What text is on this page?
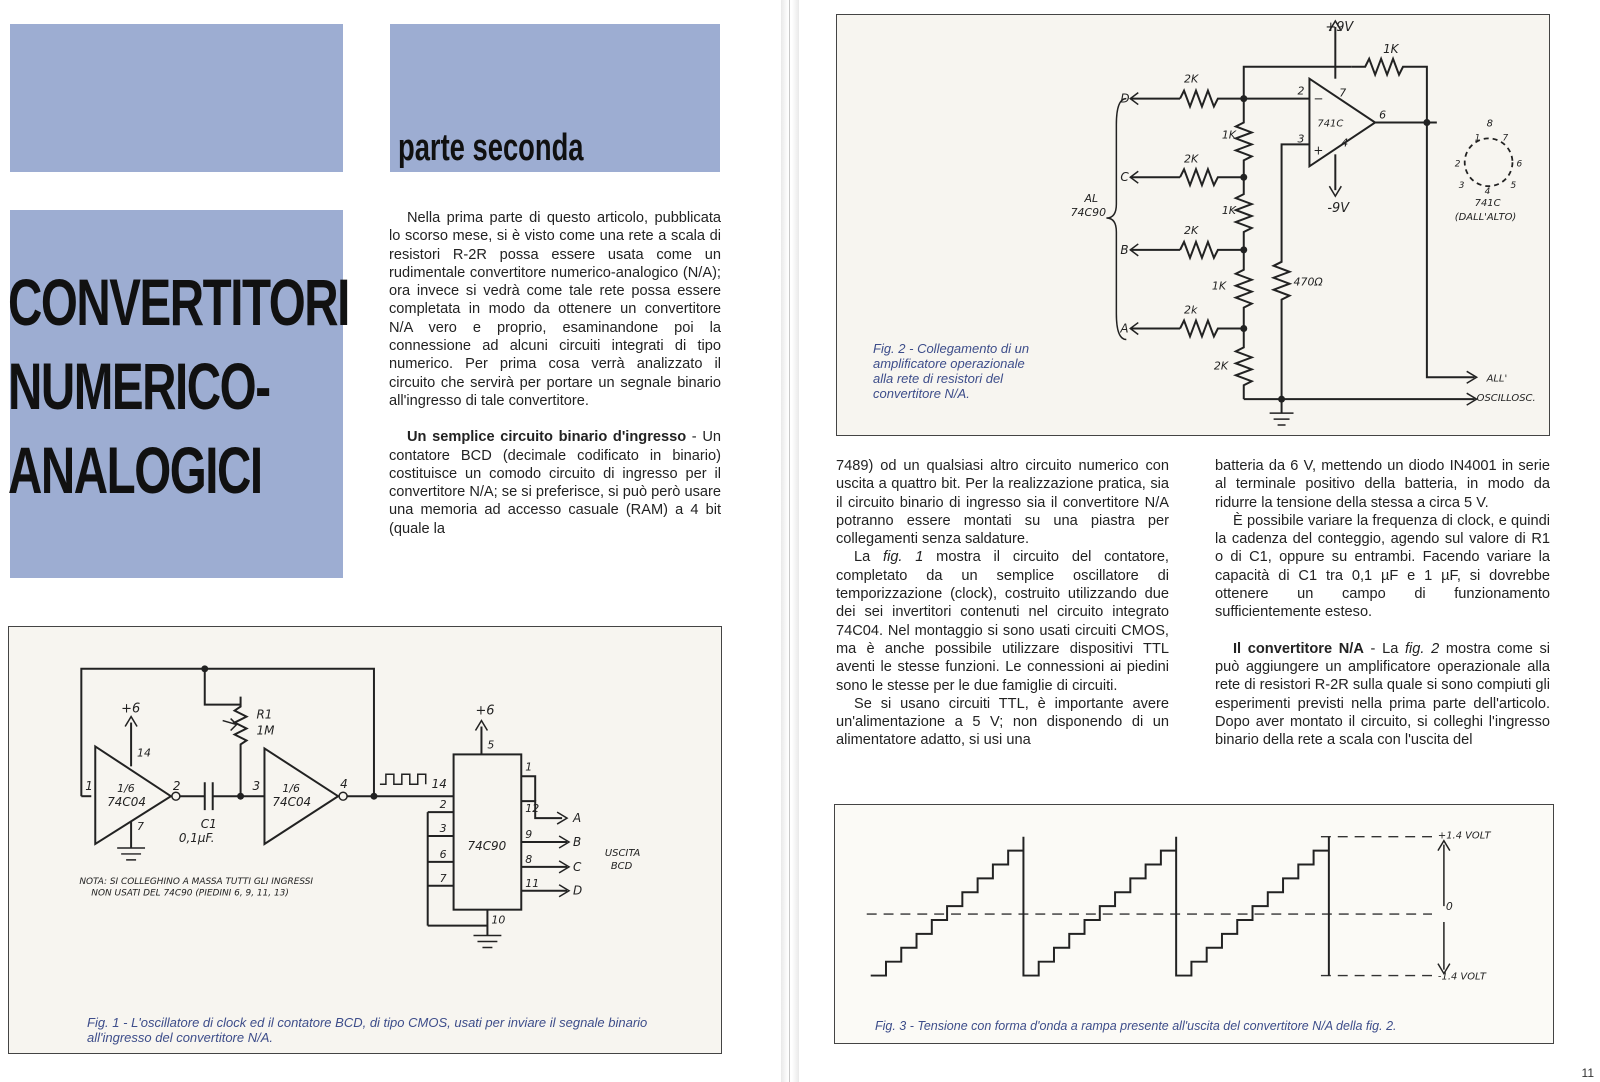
parte seconda
CONVERTITORI
NUMERICO-
ANALOGICI

Nella prima parte di questo articolo, pubblicata lo scorso mese, si è visto come una rete a scala di resistori R-2R possa essere usata come un rudimentale convertitore numerico-analogico (N/A); ora invece si vedrà come tale rete possa essere completata in modo da ottenere un convertitore N/A vero e proprio, esaminandone poi la connessione ad alcuni circuiti integrati di tipo numerico. Per prima cosa verrà analizzato il circuito che servirà per portare un segnale binario all'ingresso di tale convertitore.

Un semplice circuito binario d'ingresso - Un contatore BCD (decimale codificato in binario) costituisce un comodo circuito di ingresso per il convertitore N/A; se si preferisce, si può però usare una memoria ad accesso casuale (RAM) a 4 bit (quale la

+6	+6
1/6
74C04
1/6
74C04
R1
1M
C1
0,1µF.
74C90
1	2	3	4
7
14
14
5
1
12
9
8
11
10
2
3
6
7
A
B
C
D
USCITA
BCD
NOTA: SI COLLEGHINO A MASSA TUTTI GLI INGRESSI
NON USATI DEL 74C90 (PIEDINI 6, 9, 11, 13)
Fig. 1 - L'oscillatore di clock ed il contatore BCD, di tipo CMOS, usati per inviare il segnale binario all'ingresso del convertitore N/A.
+9V
-9V
1K
741C
2
3
7
6
4
−
+
D
C
B
A
2K
2K
2K
2k
2K
1K
1K
1K	470Ω
AL
74C90
741C
(DALL'ALTO)
8
1 7
2	6
3
4
5
ALL'
OSCILLOSC.
Fig. 2 - Collegamento di un amplificatore operazionale alla rete di resistori del convertitore N/A.

7489) od un qualsiasi altro circuito numerico con uscita a quattro bit. Per la realizzazione pratica, sia il circuito binario di ingresso sia il convertitore N/A potranno essere montati su una piastra per collegamenti senza saldature.

La fig. 1 mostra il circuito del contatore, completato da un semplice oscillatore di temporizzazione (clock), costruito utilizzando due dei sei invertitori contenuti nel circuito integrato 74C04. Nel montaggio si sono usati circuiti CMOS, ma è anche possibile utilizzare dispositivi TTL aventi le stesse funzioni. Le connessioni ai piedini sono le stesse per le due famiglie di circuiti.

Se si usano circuiti TTL, è importante avere un'alimentazione a 5 V; non disponendo di un alimentatore adatto, si usi una

batteria da 6 V, mettendo un diodo IN4001 in serie al terminale positivo della batteria, in modo da ridurre la tensione della stessa a circa 5 V.

È possibile variare la frequenza di clock, e quindi la cadenza del conteggio, agendo sul valore di R1 o di C1, oppure su entrambi. Facendo variare la capacità di C1 tra 0,1 µF e 1 µF, si dovrebbe ottenere un campo di funzionamento sufficientemente esteso.

Il convertitore N/A - La fig. 2 mostra come si può aggiungere un amplificatore operazionale alla rete di resistori R-2R sulla quale si sono compiuti gli esperimenti previsti nella prima parte dell'articolo. Dopo aver montato il circuito, si colleghi l'ingresso binario della rete a scala con l'uscita del

+1.4 VOLT
0
-1.4 VOLT
Fig. 3 - Tensione con forma d'onda a rampa presente all'uscita del convertitore N/A della fig. 2.
11
